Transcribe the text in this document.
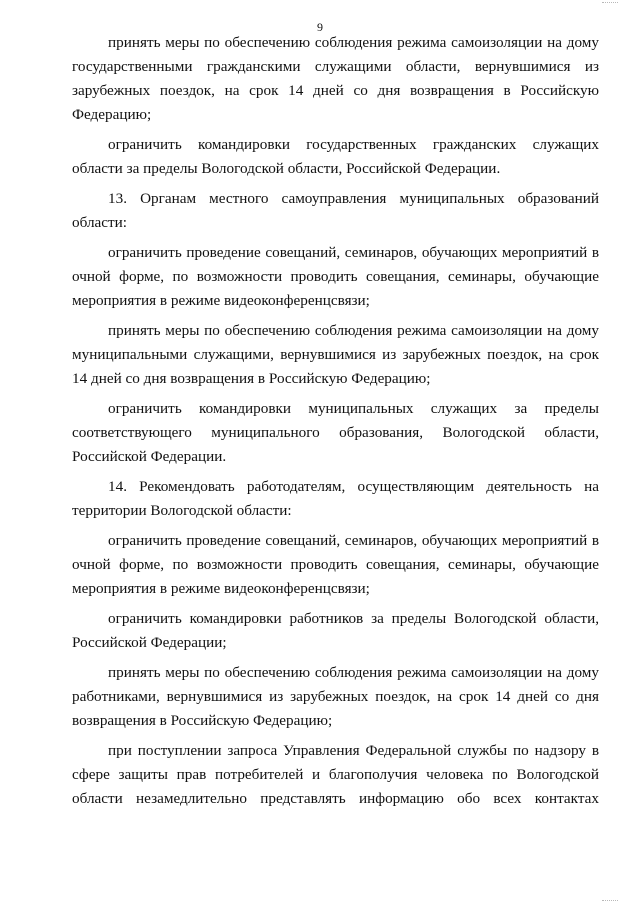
9

принять меры по обеспечению соблюдения режима самоизоляции на дому государственными гражданскими служащими области, вернувшимися из зарубежных поездок, на срок 14 дней со дня возвращения в Российскую Федерацию;

ограничить командировки государственных гражданских служащих области за пределы Вологодской области, Российской Федерации.

13. Органам местного самоуправления муниципальных образований области:

ограничить проведение совещаний, семинаров, обучающих мероприятий в очной форме, по возможности проводить совещания, семинары, обучающие мероприятия в режиме видеоконференцсвязи;

принять меры по обеспечению соблюдения режима самоизоляции на дому муниципальными служащими, вернувшимися из зарубежных поездок, на срок 14 дней со дня возвращения в Российскую Федерацию;

ограничить командировки муниципальных служащих за пределы соответствующего муниципального образования, Вологодской области, Российской Федерации.

14. Рекомендовать работодателям, осуществляющим деятельность на территории Вологодской области:

ограничить проведение совещаний, семинаров, обучающих мероприятий в очной форме, по возможности проводить совещания, семинары, обучающие мероприятия в режиме видеоконференцсвязи;

ограничить командировки работников за пределы Вологодской области, Российской Федерации;

принять меры по обеспечению соблюдения режима самоизоляции на дому работниками, вернувшимися из зарубежных поездок, на срок 14 дней со дня возвращения в Российскую Федерацию;

при поступлении запроса Управления Федеральной службы по надзору в сфере защиты прав потребителей и благополучия человека по Вологодской области незамедлительно представлять информацию обо всех контактах
